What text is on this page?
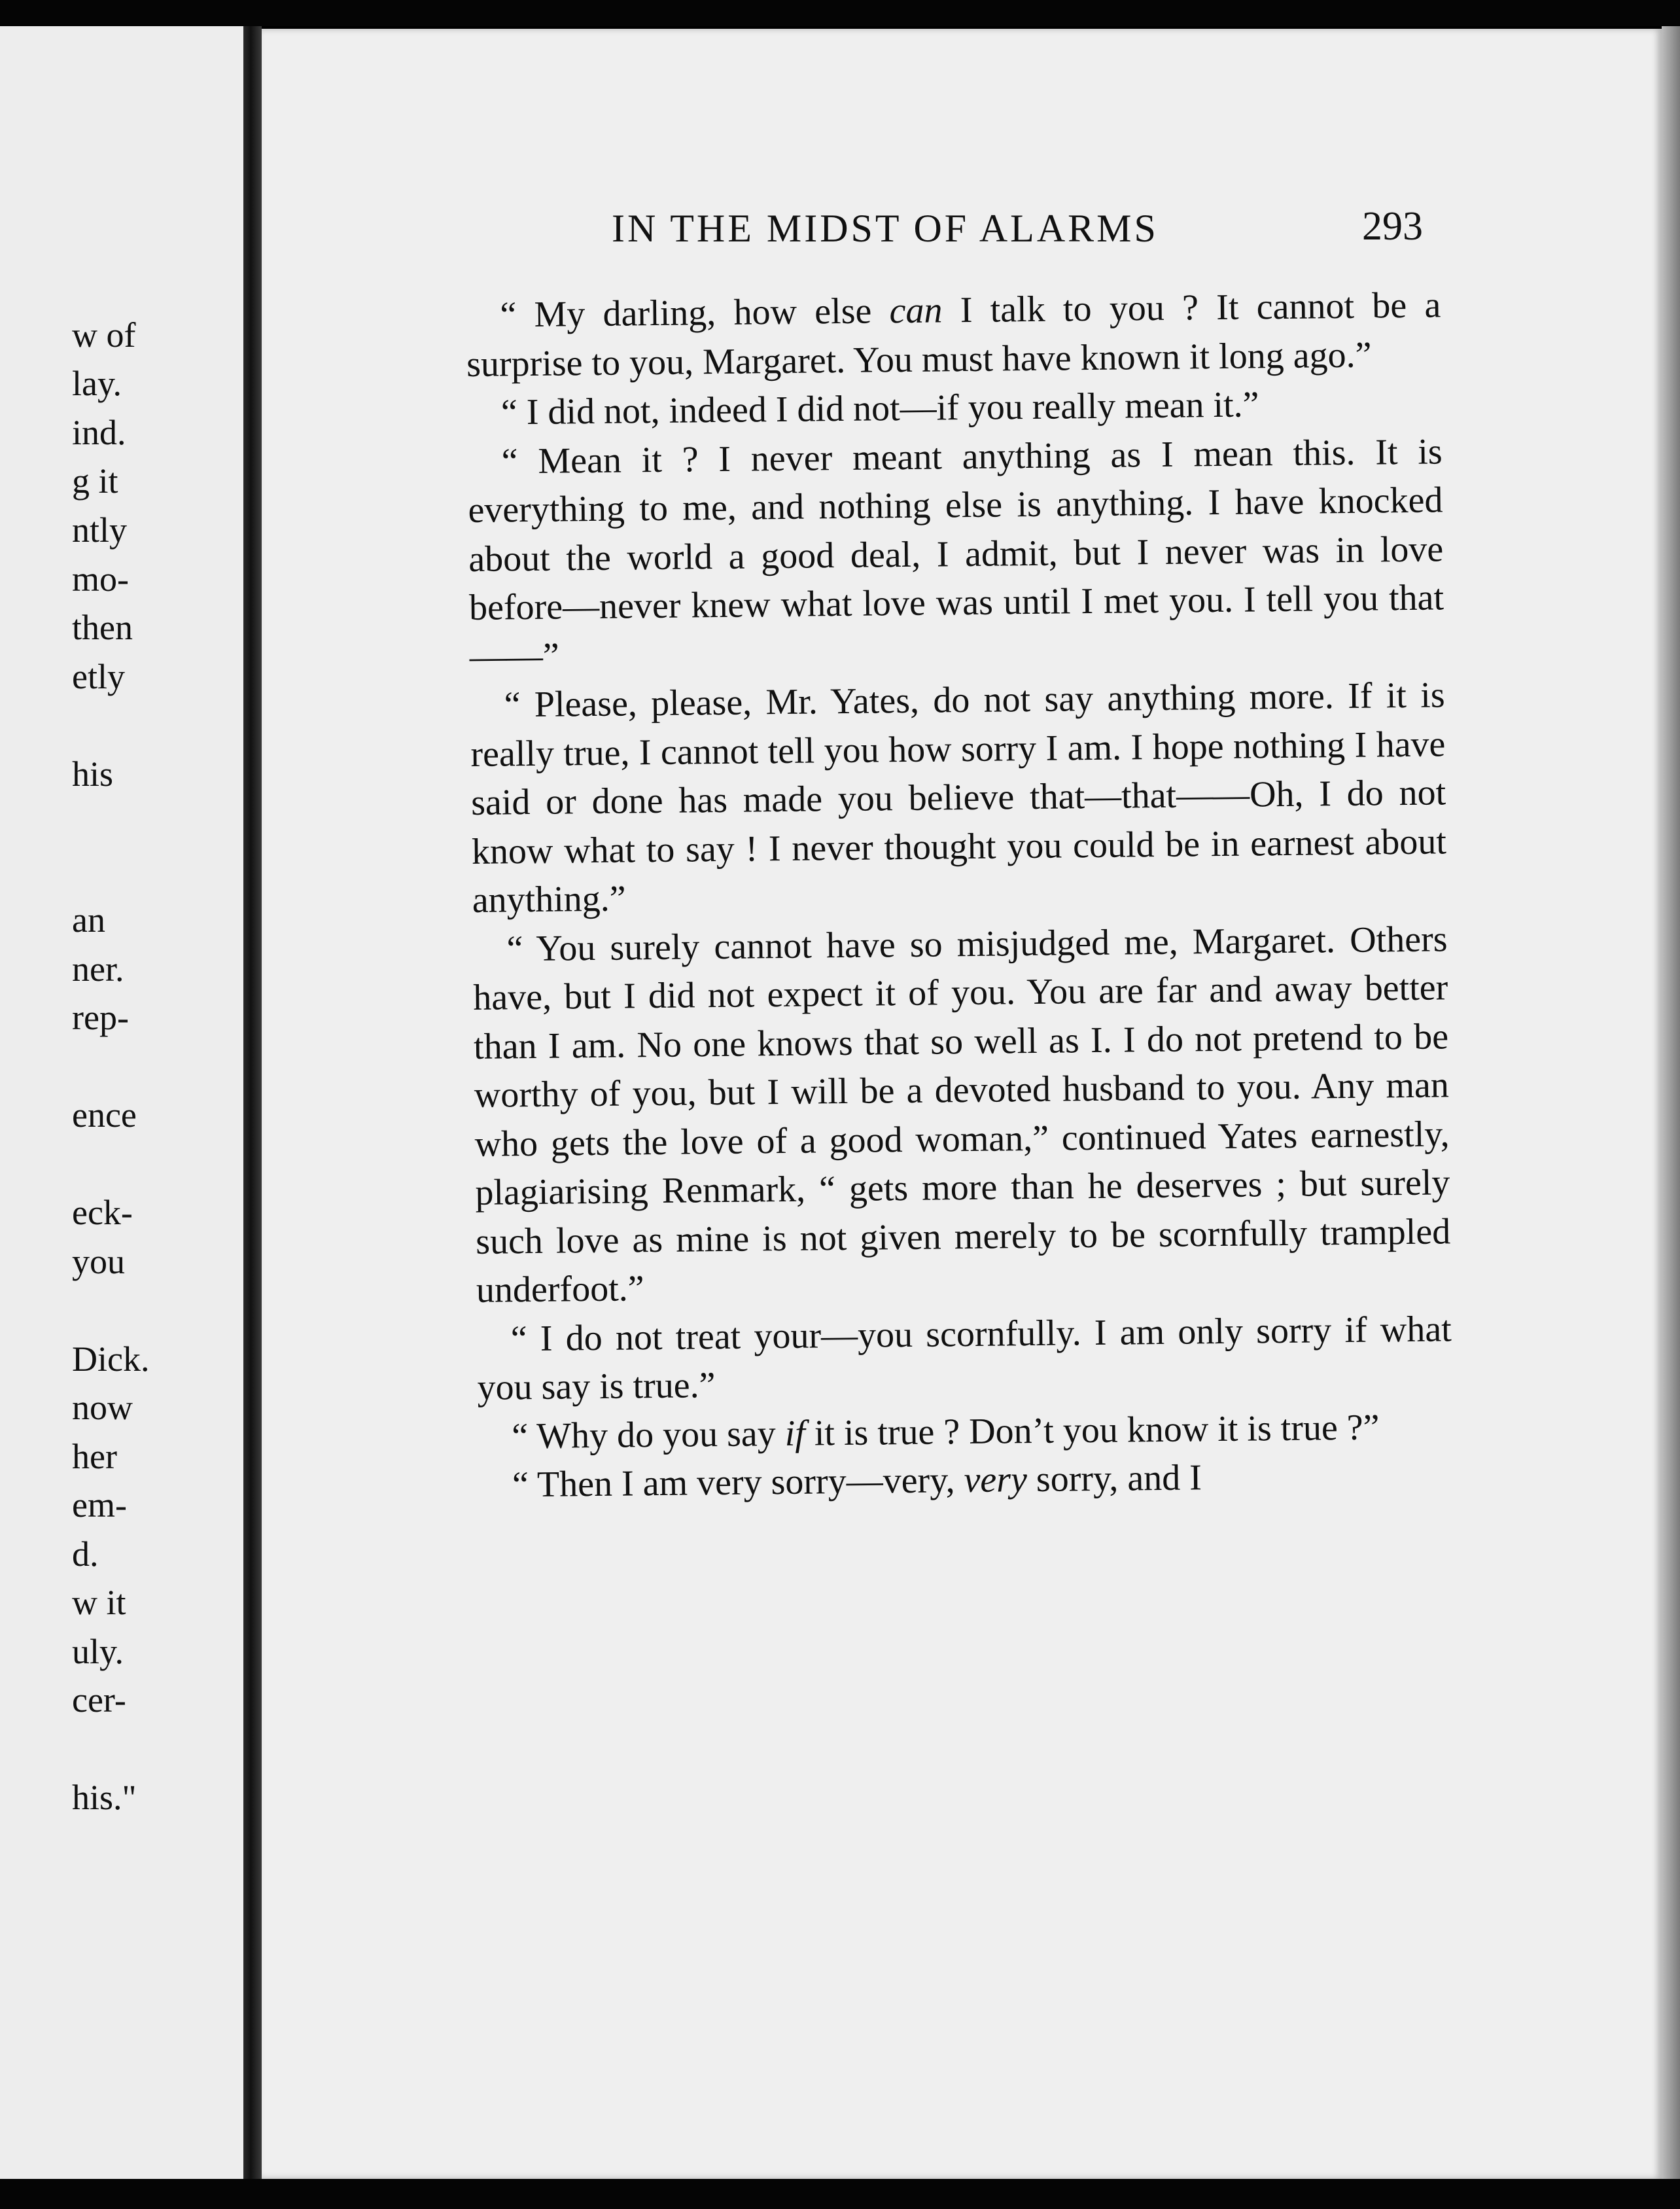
w of
lay.
ind.
g it
ntly
mo-
then
etly
his
an
ner.
rep-
ence
eck-
you
Dick.
now
her
em-
d.
w it
uly.
cer-
his."
IN THE MIDST OF ALARMS	293

“ My darling, how else can I talk to you ? It cannot be a surprise to you, Margaret. You must have known it long ago.”

“ I did not, indeed I did not—if you really mean it.”

“ Mean it ? I never meant anything as I mean this. It is everything to me, and nothing else is anything. I have knocked about the world a good deal, I admit, but I never was in love before—never knew what love was until I met you. I tell you that——”

“ Please, please, Mr. Yates, do not say anything more. If it is really true, I cannot tell you how sorry I am. I hope nothing I have said or done has made you believe that—that——Oh, I do not know what to say ! I never thought you could be in earnest about anything.”

“ You surely cannot have so misjudged me, Margaret. Others have, but I did not expect it of you. You are far and away better than I am. No one knows that so well as I. I do not pretend to be worthy of you, but I will be a devoted husband to you. Any man who gets the love of a good woman,” continued Yates earnestly, plagiarising Renmark, “ gets more than he deserves ; but surely such love as mine is not given merely to be scornfully trampled underfoot.”

“ I do not treat your—you scornfully. I am only sorry if what you say is true.”

“ Why do you say if it is true ? Don’t you know it is true ?”

“ Then I am very sorry—very, very sorry, and I
